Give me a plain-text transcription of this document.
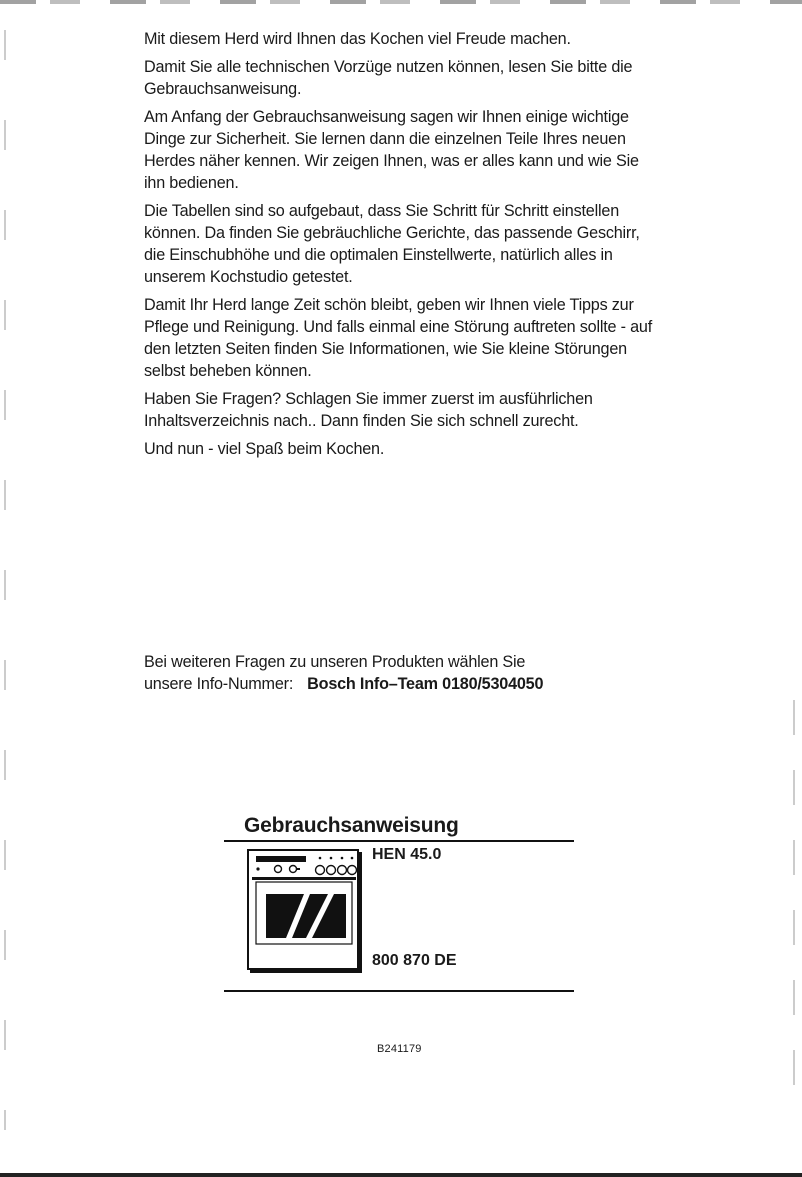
Mit diesem Herd wird Ihnen das Kochen viel Freude machen.

Damit Sie alle technischen Vorzüge nutzen können, lesen Sie bitte die Gebrauchsanweisung.

Am Anfang der Gebrauchsanweisung sagen wir Ihnen einige wichtige Dinge zur Sicherheit. Sie lernen dann die einzelnen Teile Ihres neuen Herdes näher kennen. Wir zeigen Ihnen, was er alles kann und wie Sie ihn bedienen.

Die Tabellen sind so aufgebaut, dass Sie Schritt für Schritt einstellen können. Da finden Sie gebräuchliche Gerichte, das passende Geschirr, die Einschubhöhe und die optimalen Einstellwerte, natürlich alles in unserem Kochstudio getestet.

Damit Ihr Herd lange Zeit schön bleibt, geben wir Ihnen viele Tipps zur Pflege und Reinigung. Und falls einmal eine Störung auftreten sollte - auf den letzten Seiten finden Sie Informationen, wie Sie kleine Störungen selbst beheben können.

Haben Sie Fragen? Schlagen Sie immer zuerst im ausführlichen Inhaltsverzeichnis nach.. Dann finden Sie sich schnell zurecht.

Und nun - viel Spaß beim Kochen.

Bei weiteren Fragen zu unseren Produkten wählen Sie
unsere Info-Nummer: Bosch Info–Team 0180/5304050
Gebrauchsanweisung
HEN 45.0
800 870 DE
B241179
